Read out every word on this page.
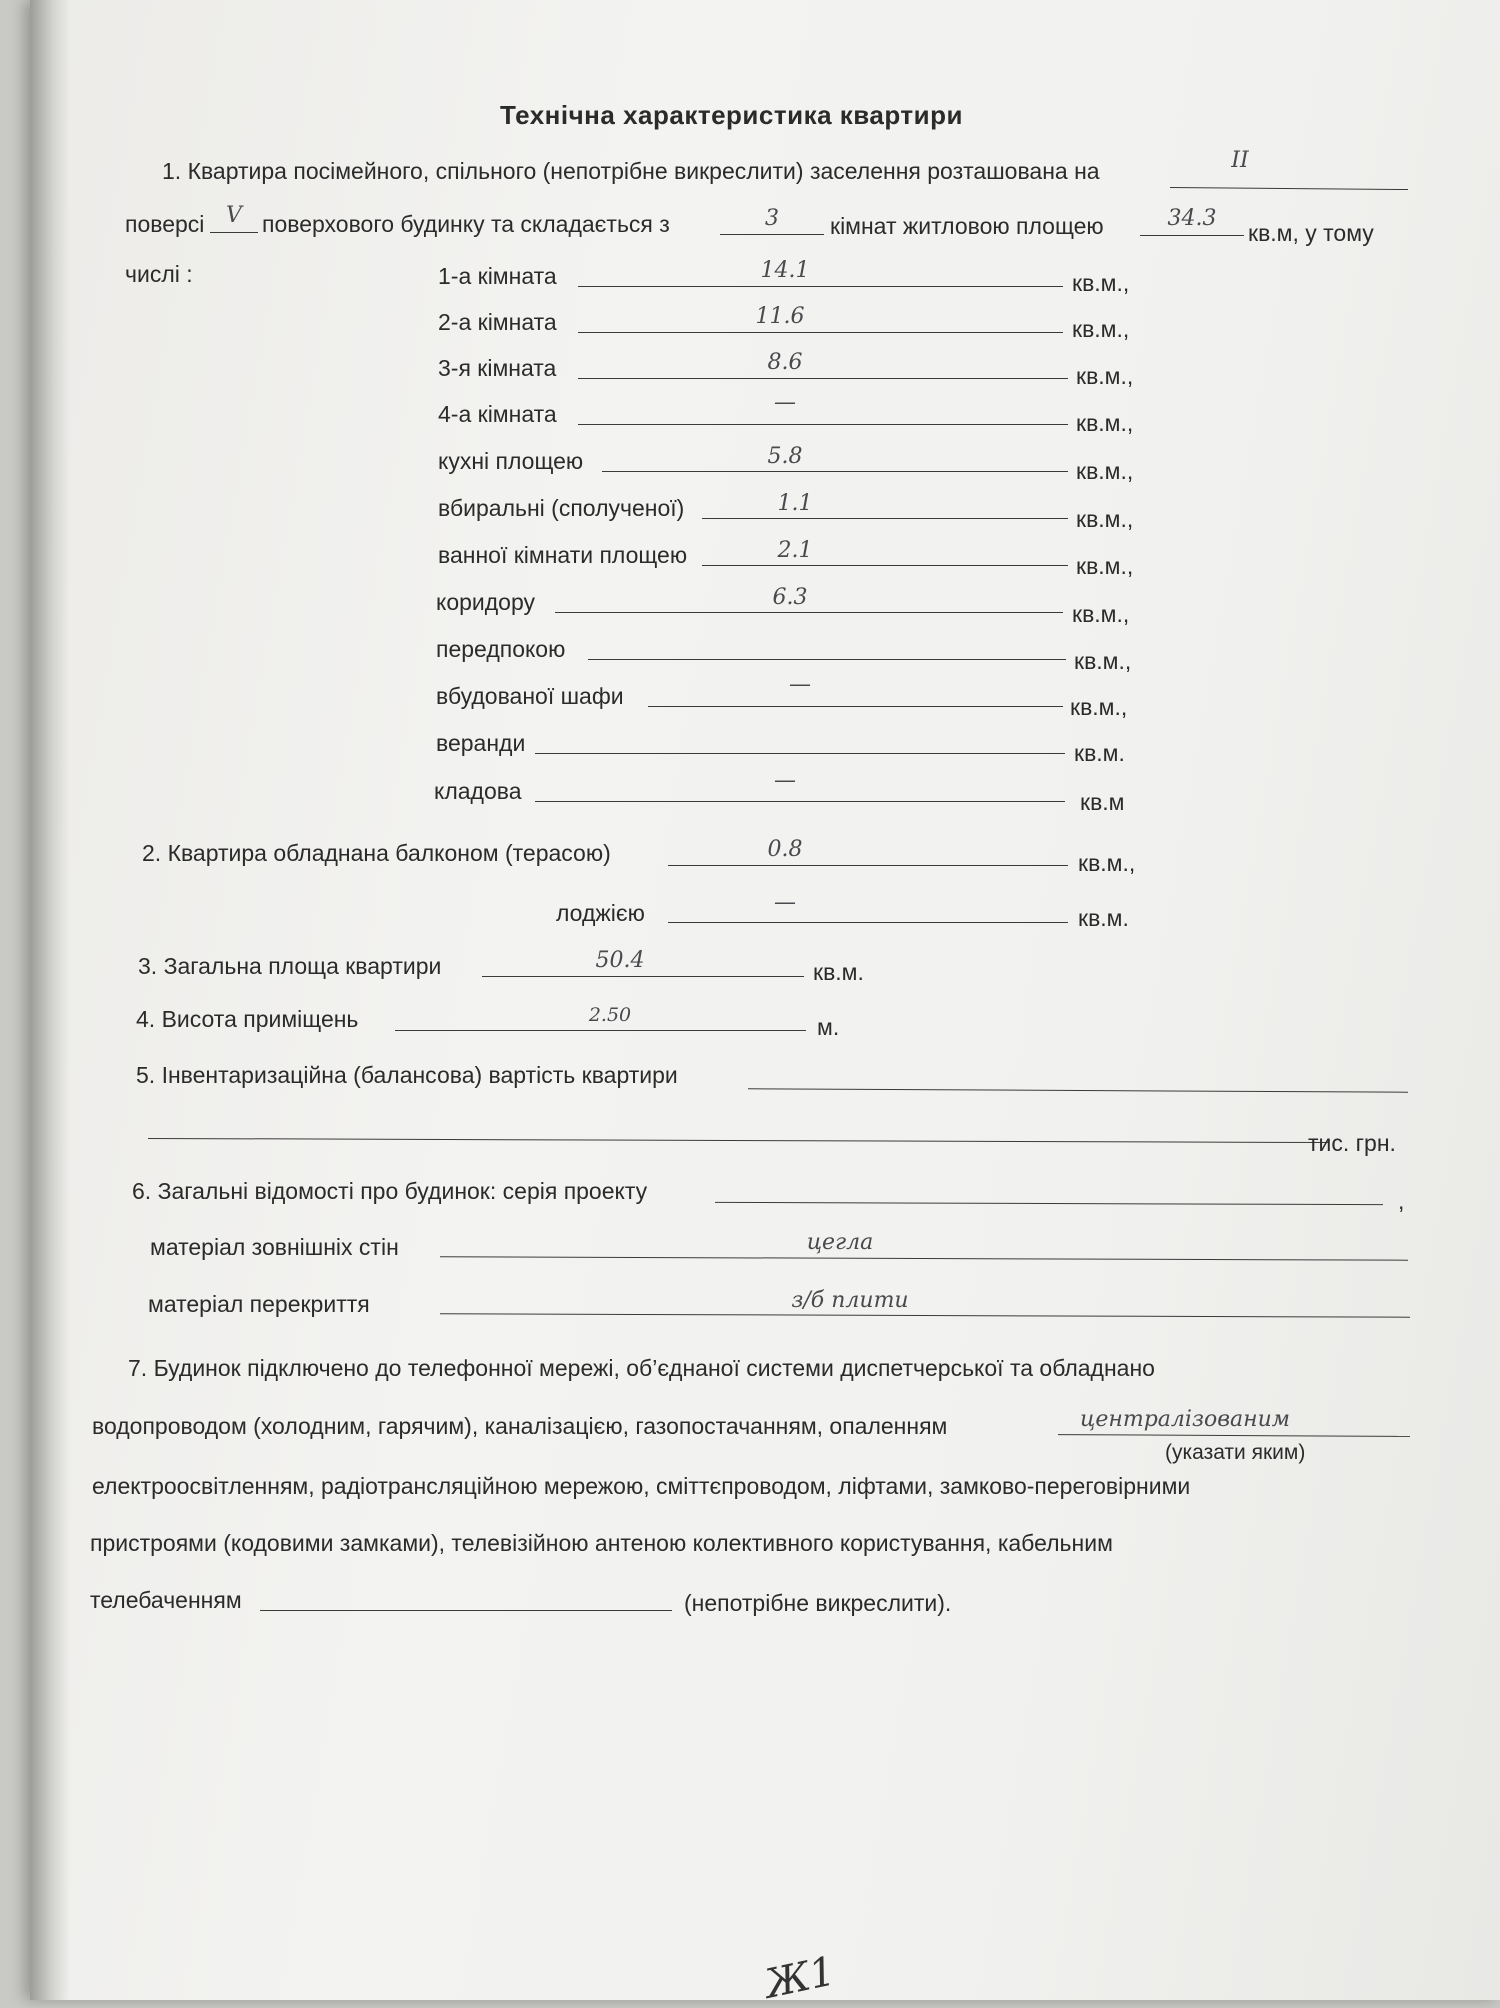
Технічна характеристика квартири
1. Квартира посімейного, спільного (непотрібне викреслити) заселення розташована на	ІІ
поверсі V поверхового будинку та складається з	3	кімнат житловою площею	34.3
кв.м, у тому
числі :	1-а кімната	14.1	кв.м.,
2-а кімната	11.6	кв.м.,
3-я кімната	8.6
кв.м.,
4-а кімната	—
кв.м.,
кухні площею	5.8
кв.м.,
вбиральні (сполученої)	1.1
кв.м.,
ванної кімнати площею	2.1
кв.м.,
коридору	6.3
кв.м.,
передпокою	кв.м.,
вбудованої шафи	—
кв.м.,
веранди	кв.м.
кладова	—
кв.м
2. Квартира обладнана балконом (терасою)	0.8
кв.м.,
лоджією	—
кв.м.
3. Загальна площа квартири	50.4	кв.м.
4. Висота приміщень	2.50	м.
5. Інвентаризаційна (балансова) вартість квартири
тис. грн.
6. Загальні відомості про будинок: серія проекту	,
матеріал зовнішніх стін	цегла
матеріал перекриття	з/б плити
7. Будинок підключено до телефонної мережі, об’єднаної системи диспетчерської та обладнано
водопроводом (холодним, гарячим), каналізацією, газопостачанням, опаленням	централізованим
(указати яким)
електроосвітленням, радіотрансляційною мережою, сміттєпроводом, ліфтами, замково-переговірними
пристроями (кодовими замками), телевізійною антеною колективного користування, кабельним
телебаченням	(непотрібне викреслити).
Ж1
